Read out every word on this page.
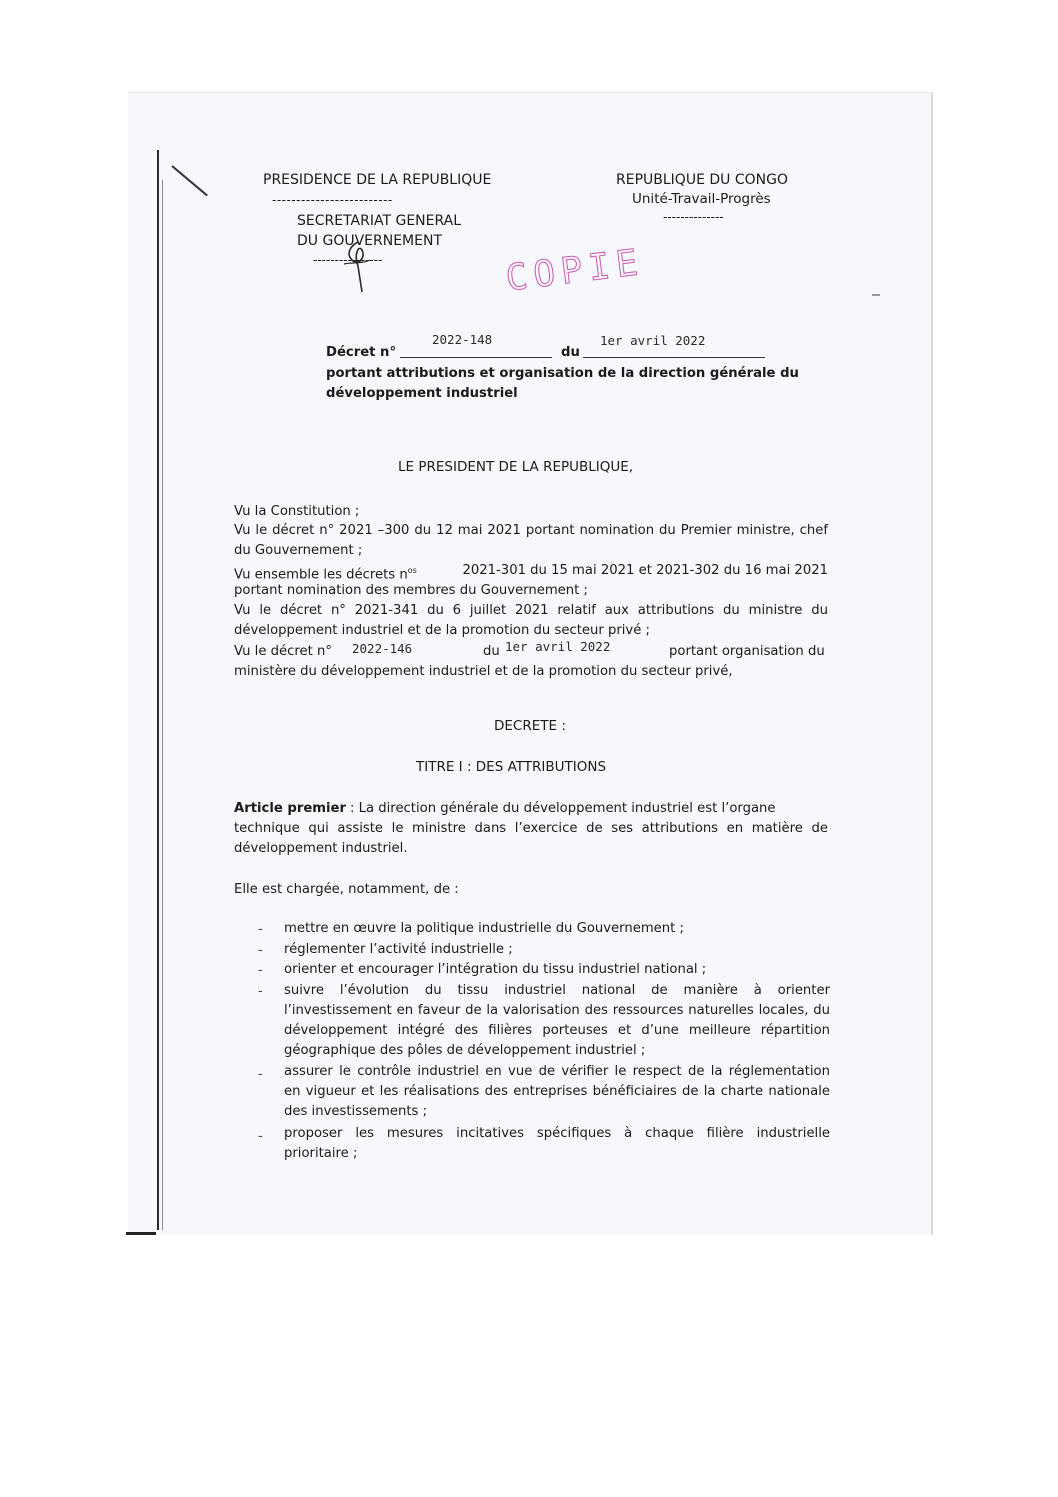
PRESIDENCE DE LA REPUBLIQUE
-------------------------
SECRETARIAT GENERAL
DU GOUVERNEMENT
----------------
REPUBLIQUE DU CONGO
Unité-Travail-Progrès
--------------
COPIE
Décret n°
2022-148
du
1er avril 2022
portant attributions et organisation de la direction générale du
développement industriel
LE PRESIDENT DE LA REPUBLIQUE,
Vu la Constitution ;
Vu le décret n° 2021 –300 du 12 mai 2021 portant nomination du Premier ministre, chef
du Gouvernement ;
Vu ensemble les décrets $n^{os}$	2021-301 du 15 mai 2021 et 2021-302 du 16 mai 2021
portant nomination des membres du Gouvernement ;
Vu le décret n° 2021-341 du 6 juillet 2021 relatif aux attributions du ministre du
développement industriel et de la promotion du secteur privé ;
Vu le décret n° 2022-146	du 1er avril 2022	portant organisation du
ministère du développement industriel et de la promotion du secteur privé,
DECRETE :
TITRE I : DES ATTRIBUTIONS
Article premier : La direction générale du développement industriel est l’organe
technique qui assiste le ministre dans l’exercice de ses attributions en matière de
développement industriel.
Elle est chargée, notamment, de :
- mettre en œuvre la politique industrielle du Gouvernement ;
- réglementer l’activité industrielle ;
- orienter et encourager l’intégration du tissu industriel national ;
- suivre l’évolution du tissu industriel national de manière à orienter
l’investissement en faveur de la valorisation des ressources naturelles locales, du
développement intégré des filières porteuses et d’une meilleure répartition
géographique des pôles de développement industriel ;
- assurer le contrôle industriel en vue de vérifier le respect de la réglementation
en vigueur et les réalisations des entreprises bénéficiaires de la charte nationale
des investissements ;
- proposer les mesures incitatives spécifiques à chaque filière industrielle
prioritaire ;
